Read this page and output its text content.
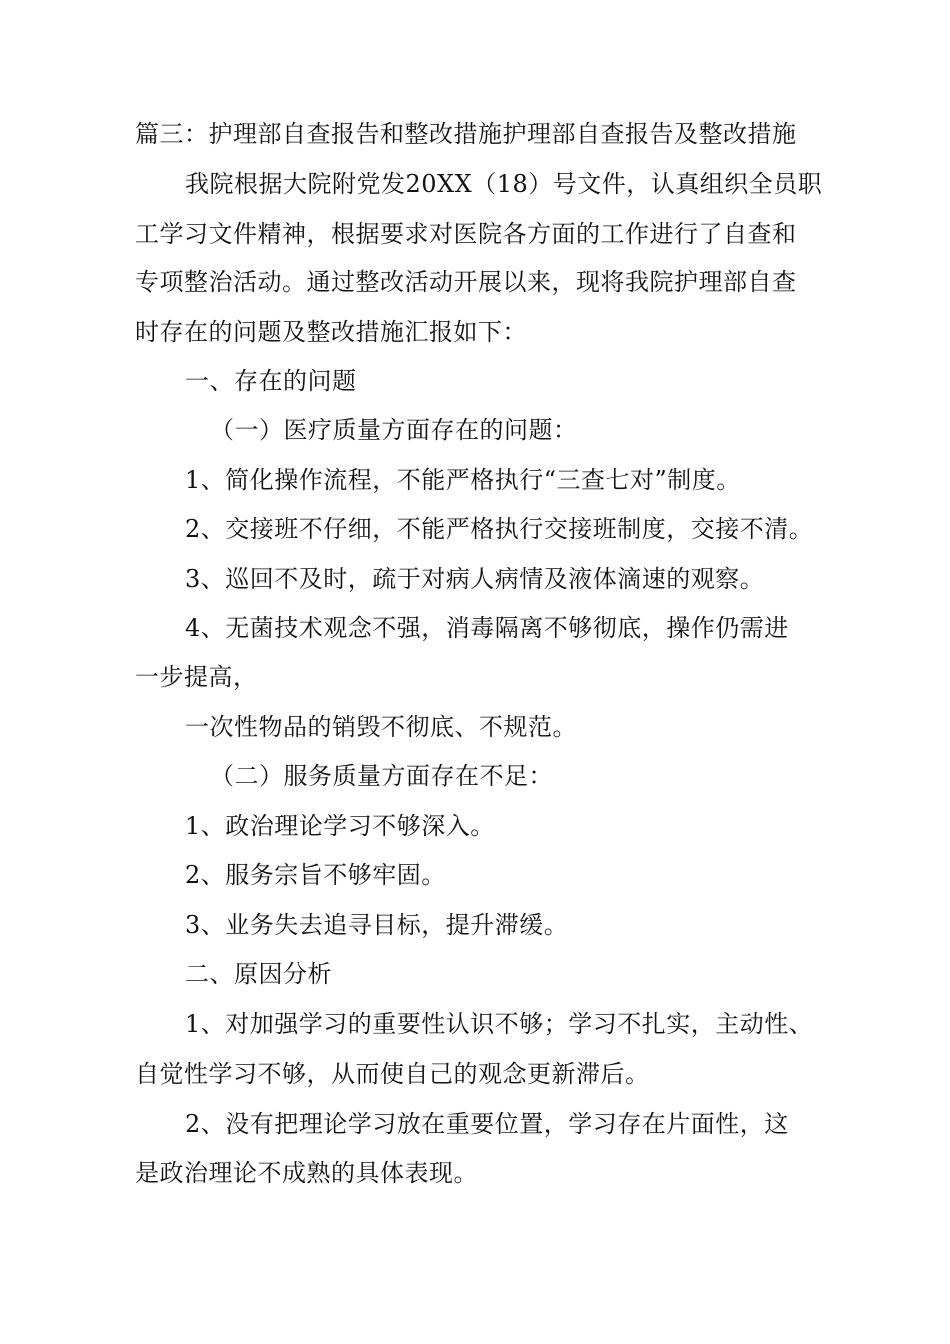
篇三：护理部自查报告和整改措施护理部自查报告及整改措施
我院根据大院附党发20XX（18）号文件，认真组织全员职
工学习文件精神，根据要求对医院各方面的工作进行了自查和
专项整治活动。通过整改活动开展以来，现将我院护理部自查
时存在的问题及整改措施汇报如下：
一、存在的问题
（一）医疗质量方面存在的问题：
1、简化操作流程，不能严格执行“三查七对”制度。
2、交接班不仔细，不能严格执行交接班制度，交接不清。
3、巡回不及时，疏于对病人病情及液体滴速的观察。
4、无菌技术观念不强，消毒隔离不够彻底，操作仍需进
一步提高，
一次性物品的销毁不彻底、不规范。
（二）服务质量方面存在不足：
1、政治理论学习不够深入。
2、服务宗旨不够牢固。
3、业务失去追寻目标，提升滞缓。
二、原因分析
1、对加强学习的重要性认识不够；学习不扎实，主动性、
自觉性学习不够，从而使自己的观念更新滞后。
2、没有把理论学习放在重要位置，学习存在片面性，这
是政治理论不成熟的具体表现。
